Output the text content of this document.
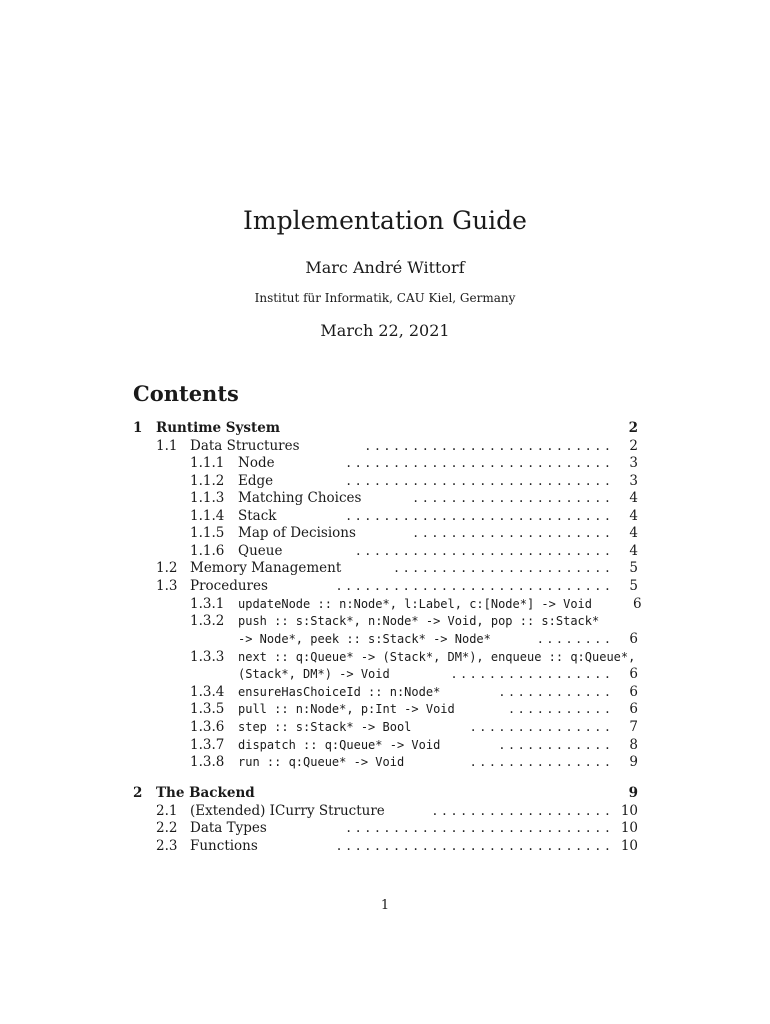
Implementation Guide
Marc André Wittorf
Institut für Informatik, CAU Kiel, Germany
March 22, 2021
Contents
1 Runtime System	2
1.1 Data Structures	. . . . . . . . . . . . . . . . . . . . . . . . . .	2
1.1.1 Node	. . . . . . . . . . . . . . . . . . . . . . . . . . . .	3
1.1.2 Edge	. . . . . . . . . . . . . . . . . . . . . . . . . . . .	3
1.1.3 Matching Choices	. . . . . . . . . . . . . . . . . . . . .	4
1.1.4 Stack	. . . . . . . . . . . . . . . . . . . . . . . . . . . .	4
1.1.5 Map of Decisions	. . . . . . . . . . . . . . . . . . . . .	4
1.1.6 Queue	. . . . . . . . . . . . . . . . . . . . . . . . . . .	4
1.2 Memory Management	. . . . . . . . . . . . . . . . . . . . . . .	5
1.3 Procedures	. . . . . . . . . . . . . . . . . . . . . . . . . . . . .	5
1.3.1 updateNode :: n:Node*, l:Label, c:[Node*] -> Void	6
1.3.2 push :: s:Stack*, n:Node* -> Void, pop :: s:Stack*
-> Node*, peek :: s:Stack* -> Node*	. . . . . . . .	6
1.3.3 next :: q:Queue* -> (Stack*, DM*), enqueue :: q:Queue*,
(Stack*, DM*) -> Void	. . . . . . . . . . . . . . . . .	6
1.3.4 ensureHasChoiceId :: n:Node*	. . . . . . . . . . . .	6
1.3.5 pull :: n:Node*, p:Int -> Void	. . . . . . . . . . .	6
1.3.6 step :: s:Stack* -> Bool	. . . . . . . . . . . . . . .	7
1.3.7 dispatch :: q:Queue* -> Void	. . . . . . . . . . . .	8
1.3.8 run :: q:Queue* -> Void	. . . . . . . . . . . . . . .	9
2 The Backend	9
2.1 (Extended) ICurry Structure	. . . . . . . . . . . . . . . . . . . 10
2.2 Data Types	. . . . . . . . . . . . . . . . . . . . . . . . . . . . 10
2.3 Functions	. . . . . . . . . . . . . . . . . . . . . . . . . . . . . 10
1
